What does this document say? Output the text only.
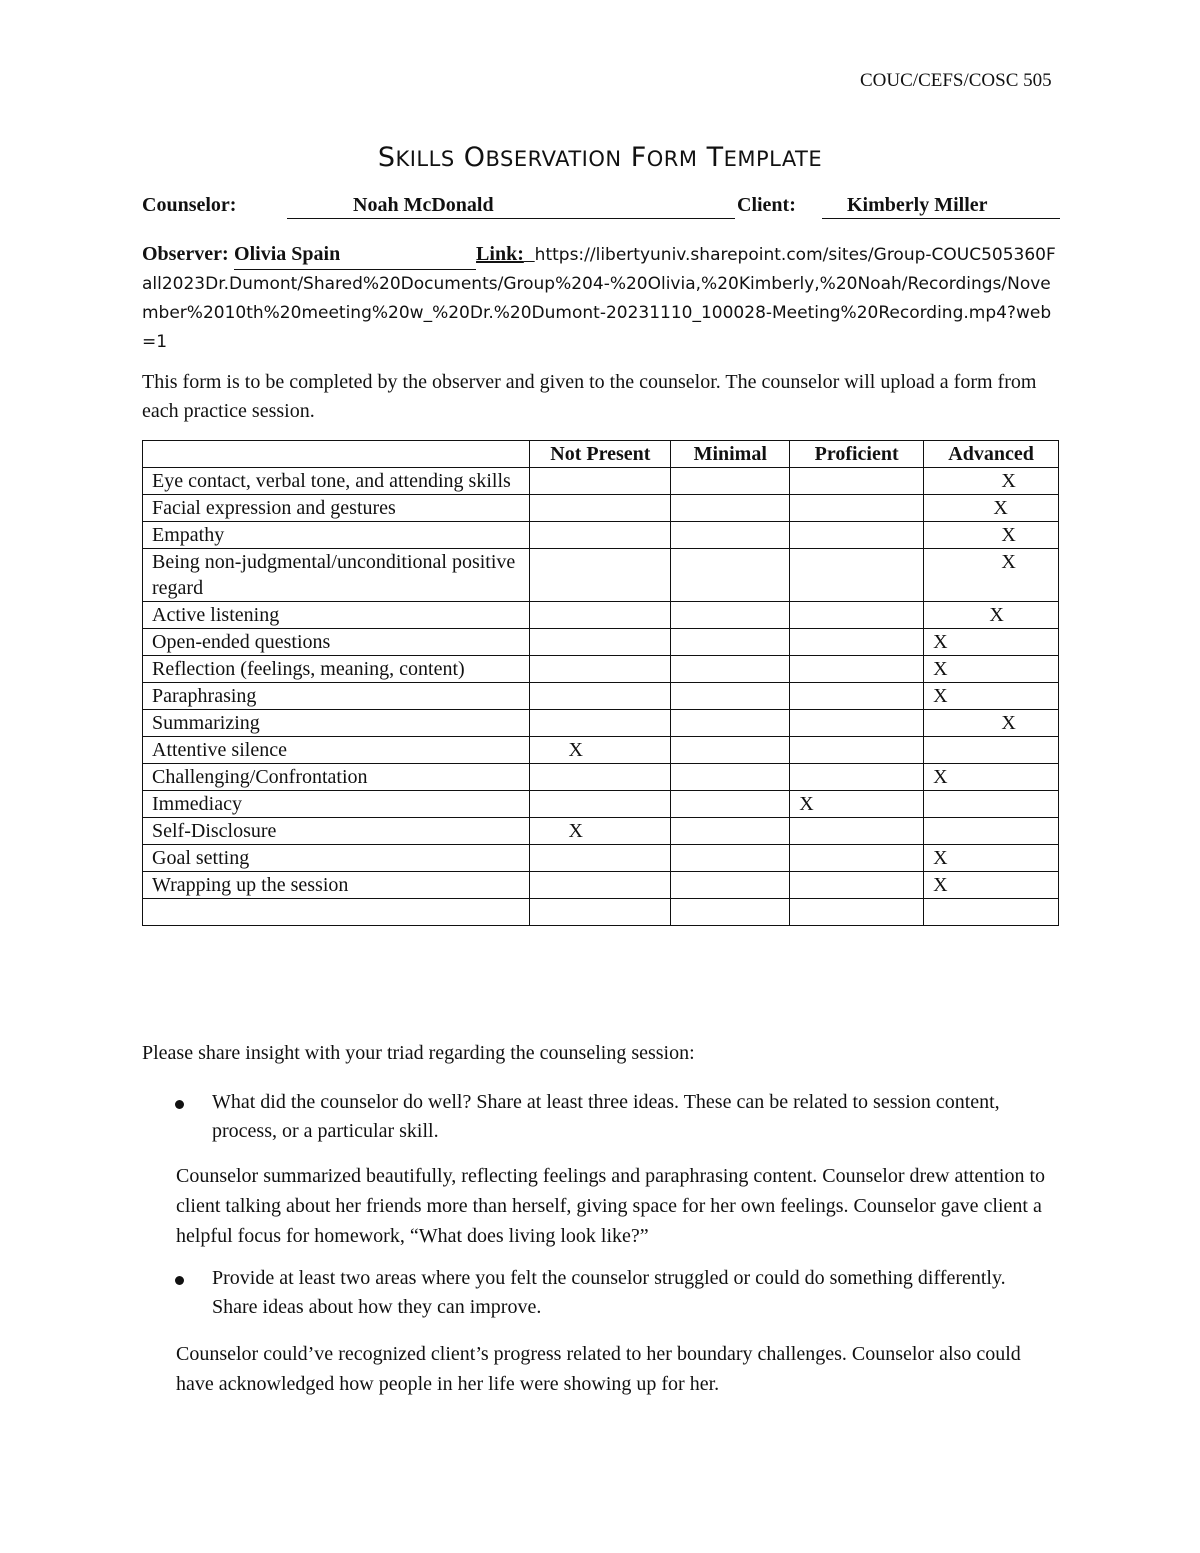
COUC/CEFS/COSC 505
SKILLS OBSERVATION FORM TEMPLATE
Counselor:	Noah McDonald	Client:	Kimberly Miller
Observer: Olivia Spain	Link: https://libertyuniv.sharepoint.com/sites/Group-COUC505360Fall2023Dr.Dumont/Shared%20Documents/Group%204-%20Olivia,%20Kimberly,%20Noah/Recordings/November%2010th%20meeting%20w_%20Dr.%20Dumont-20231110_100028-Meeting%20Recording.mp4?web=1
This form is to be completed by the observer and given to the counselor. The counselor will upload a form from each practice session.
	Not Present	Minimal	Proficient	Advanced
Eye contact, verbal tone, and attending skills				X
Facial expression and gestures				X
Empathy				X
Being non-judgmental/unconditional positive regard				X
Active listening				X
Open-ended questions				X
Reflection (feelings, meaning, content)				X
Paraphrasing				X
Summarizing				X
Attentive silence	X			
Challenging/Confrontation				X
Immediacy			X	
Self-Disclosure	X			
Goal setting				X
Wrapping up the session				X

Please share insight with your triad regarding the counseling session:
What did the counselor do well? Share at least three ideas. These can be related to session content, process, or a particular skill.
Counselor summarized beautifully, reflecting feelings and paraphrasing content. Counselor drew attention to client talking about her friends more than herself, giving space for her own feelings. Counselor gave client a helpful focus for homework, “What does living look like?”
Provide at least two areas where you felt the counselor struggled or could do something differently. Share ideas about how they can improve.
Counselor could’ve recognized client’s progress related to her boundary challenges. Counselor also could have acknowledged how people in her life were showing up for her.
